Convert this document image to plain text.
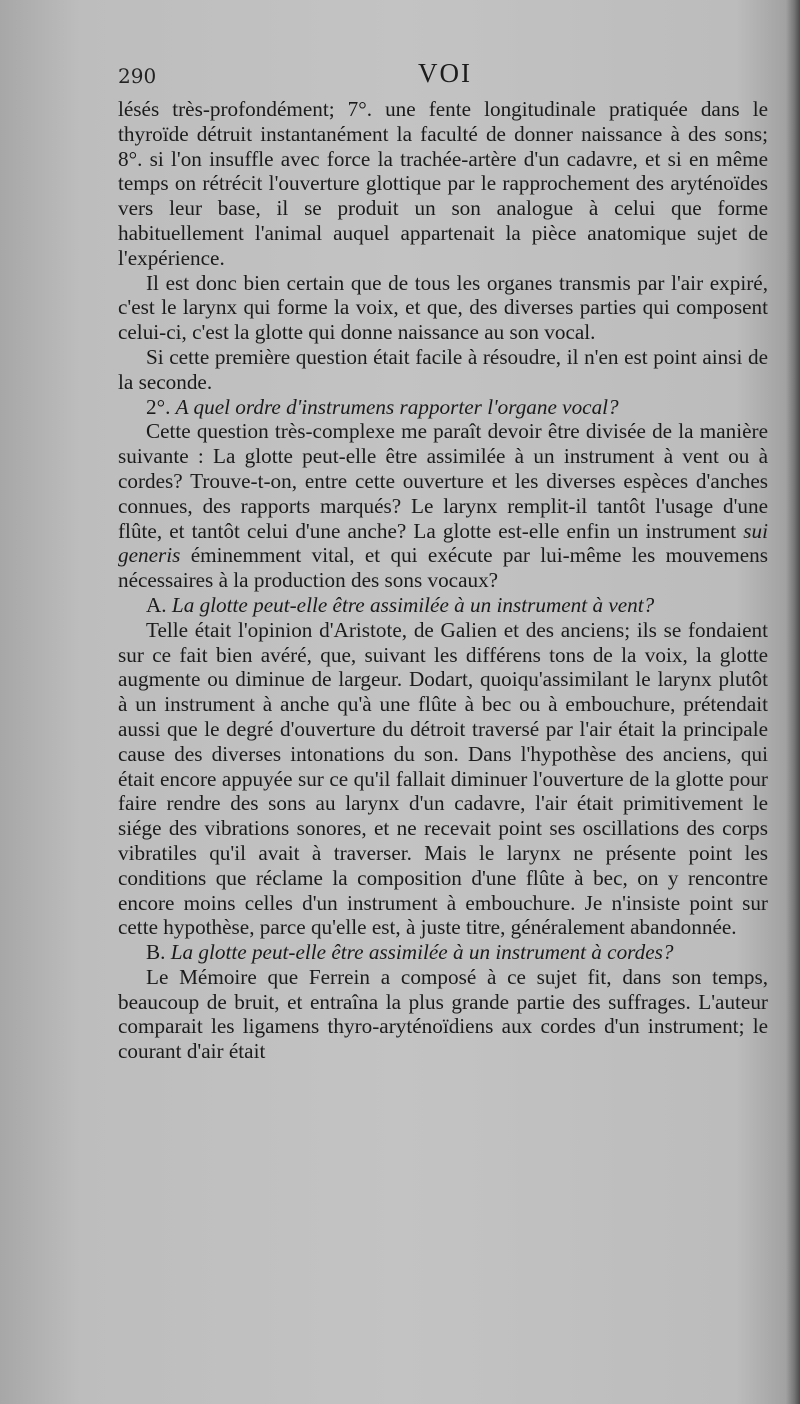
290	VOI

lésés très-profondément; 7°. une fente longitudinale pratiquée dans le thyroïde détruit instantanément la faculté de donner naissance à des sons; 8°. si l'on insuffle avec force la trachée-artère d'un cadavre, et si en même temps on rétrécit l'ouverture glottique par le rapprochement des aryténoïdes vers leur base, il se produit un son analogue à celui que forme habituellement l'animal auquel appartenait la pièce anatomique sujet de l'expérience.

Il est donc bien certain que de tous les organes transmis par l'air expiré, c'est le larynx qui forme la voix, et que, des diverses parties qui composent celui-ci, c'est la glotte qui donne naissance au son vocal.

Si cette première question était facile à résoudre, il n'en est point ainsi de la seconde.

2°. A quel ordre d'instrumens rapporter l'organe vocal?

Cette question très-complexe me paraît devoir être divisée de la manière suivante : La glotte peut-elle être assimilée à un instrument à vent ou à cordes? Trouve-t-on, entre cette ouverture et les diverses espèces d'anches connues, des rapports marqués? Le larynx remplit-il tantôt l'usage d'une flûte, et tantôt celui d'une anche? La glotte est-elle enfin un instrument sui generis éminemment vital, et qui exécute par lui-même les mouvemens nécessaires à la production des sons vocaux?

A. La glotte peut-elle être assimilée à un instrument à vent?

Telle était l'opinion d'Aristote, de Galien et des anciens; ils se fondaient sur ce fait bien avéré, que, suivant les différens tons de la voix, la glotte augmente ou diminue de largeur. Dodart, quoiqu'assimilant le larynx plutôt à un instrument à anche qu'à une flûte à bec ou à embouchure, prétendait aussi que le degré d'ouverture du détroit traversé par l'air était la principale cause des diverses intonations du son. Dans l'hypothèse des anciens, qui était encore appuyée sur ce qu'il fallait diminuer l'ouverture de la glotte pour faire rendre des sons au larynx d'un cadavre, l'air était primitivement le siége des vibrations sonores, et ne recevait point ses oscillations des corps vibratiles qu'il avait à traverser. Mais le larynx ne présente point les conditions que réclame la composition d'une flûte à bec, on y rencontre encore moins celles d'un instrument à embouchure. Je n'insiste point sur cette hypothèse, parce qu'elle est, à juste titre, généralement abandonnée.

B. La glotte peut-elle être assimilée à un instrument à cordes?

Le Mémoire que Ferrein a composé à ce sujet fit, dans son temps, beaucoup de bruit, et entraîna la plus grande partie des suffrages. L'auteur comparait les ligamens thyro-aryténoïdiens aux cordes d'un instrument; le courant d'air était
